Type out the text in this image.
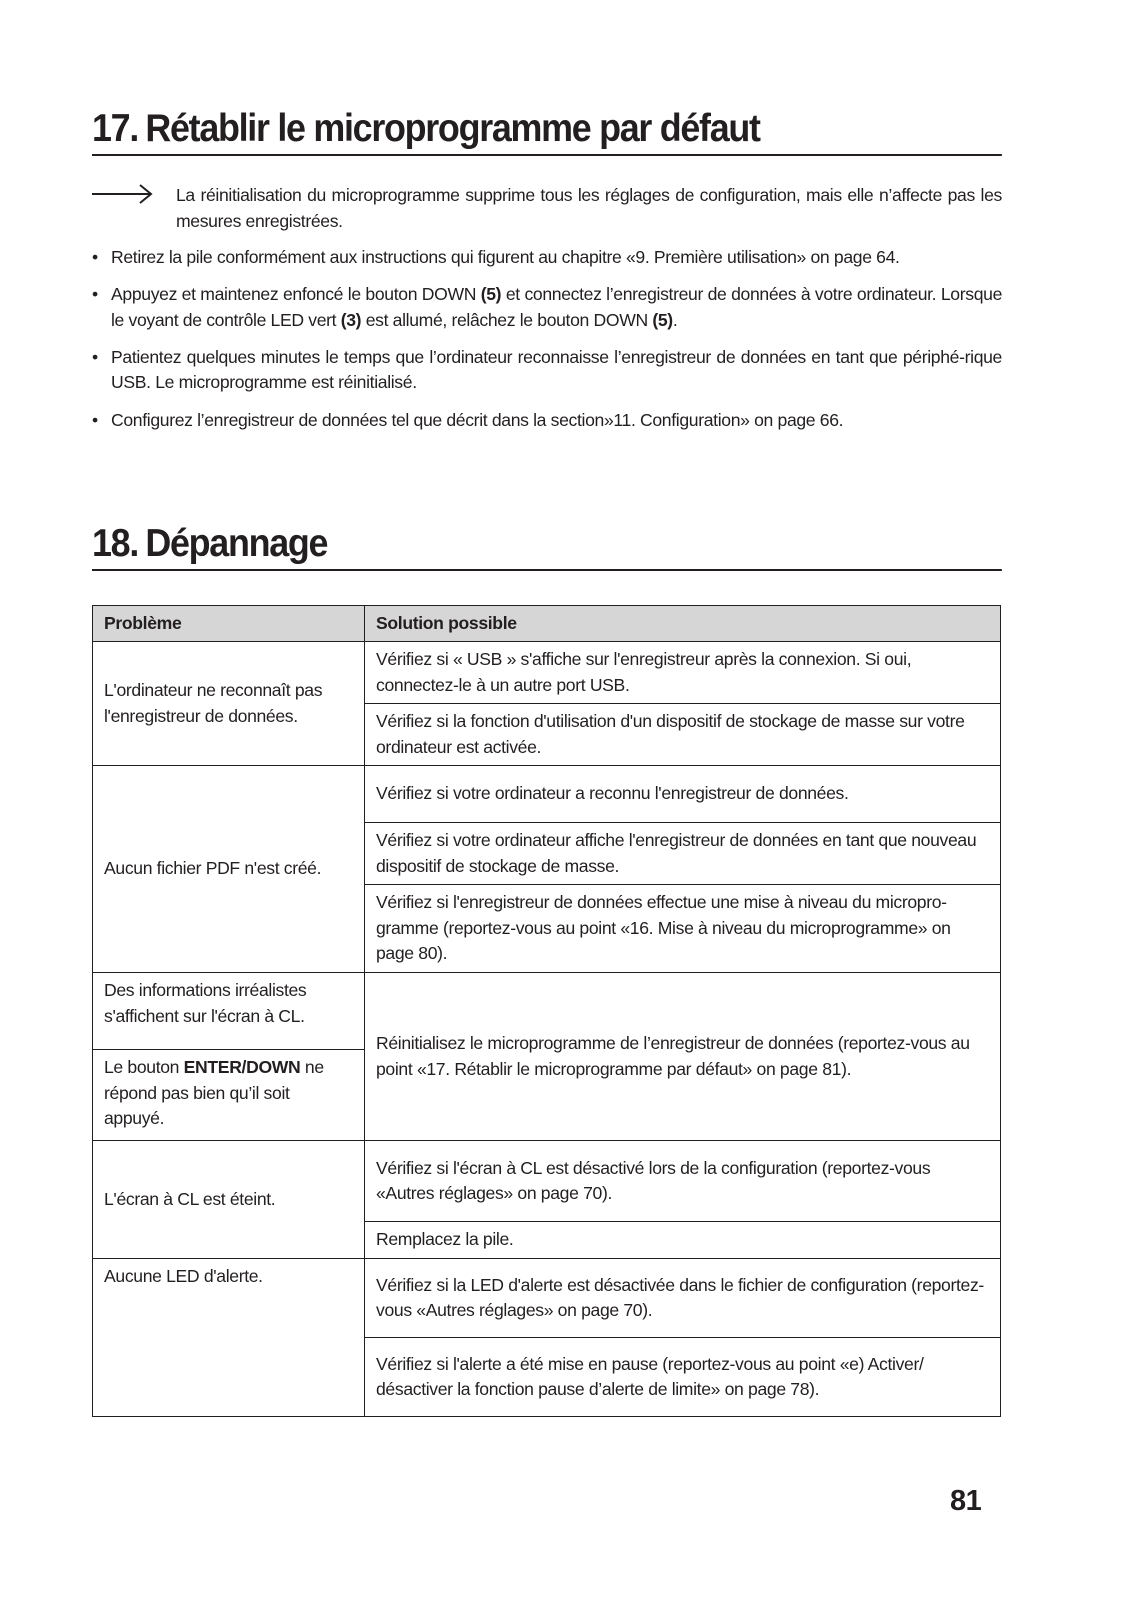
17. Rétablir le microprogramme par défaut
La réinitialisation du microprogramme supprime tous les réglages de configuration, mais elle n’affecte pas les mesures enregistrées.
• Retirez la pile conformément aux instructions qui figurent au chapitre «9. Première utilisation» on page 64.
• Appuyez et maintenez enfoncé le bouton DOWN (5) et connectez l’enregistreur de données à votre ordinateur. Lorsque le voyant de contrôle LED vert (3) est allumé, relâchez le bouton DOWN (5).
• Patientez quelques minutes le temps que l’ordinateur reconnaisse l’enregistreur de données en tant que périphé-rique USB. Le microprogramme est réinitialisé.
• Configurez l’enregistreur de données tel que décrit dans la section»11. Configuration» on page 66.
18. Dépannage
Problème	Solution possible
L'ordinateur ne reconnaît pas l'enregistreur de données.	Vérifiez si « USB » s'affiche sur l'enregistreur après la connexion. Si oui, connectez-le à un autre port USB.
	Vérifiez si la fonction d'utilisation d'un dispositif de stockage de masse sur votre ordinateur est activée.
Aucun fichier PDF n'est créé.	Vérifiez si votre ordinateur a reconnu l'enregistreur de données.
	Vérifiez si votre ordinateur affiche l'enregistreur de données en tant que nouveau dispositif de stockage de masse.
	Vérifiez si l'enregistreur de données effectue une mise à niveau du micropro-gramme (reportez-vous au point «16. Mise à niveau du microprogramme» on page 80).
Des informations irréalistes s'affichent sur l'écran à CL.	Réinitialisez le microprogramme de l’enregistreur de données (reportez-vous au point «17. Rétablir le microprogramme par défaut» on page 81).
Le bouton ENTER/DOWN ne répond pas bien qu’il soit appuyé.	
L'écran à CL est éteint.	Vérifiez si l'écran à CL est désactivé lors de la configuration (reportez-vous «Autres réglages» on page 70).
	Remplacez la pile.
Aucune LED d'alerte.	Vérifiez si la LED d'alerte est désactivée dans le fichier de configuration (reportez-vous «Autres réglages» on page 70).
	Vérifiez si l'alerte a été mise en pause (reportez-vous au point «e) Activer/ désactiver la fonction pause d’alerte de limite» on page 78).
81
